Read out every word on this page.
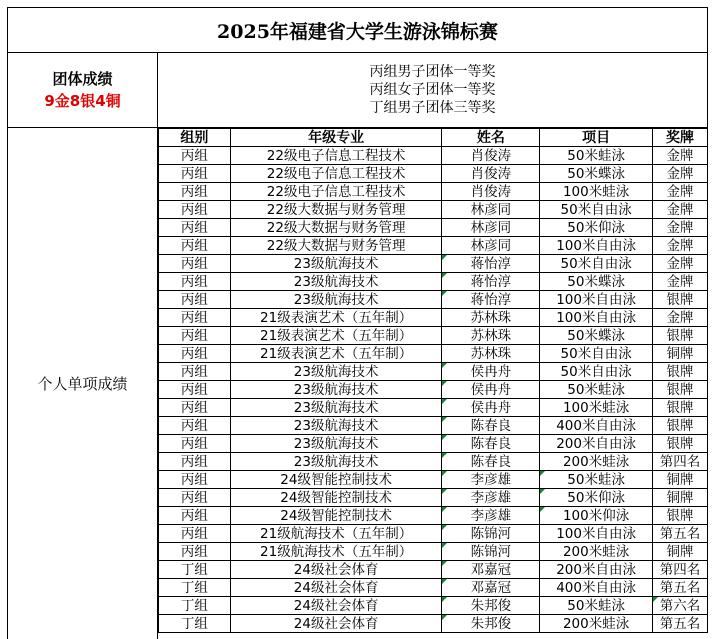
2025年福建省大学生游泳锦标赛
团体成绩
9金8银4铜
丙组男子团体一等奖
丙组女子团体一等奖
丁组男子团体三等奖
个人单项成绩
组别	年级专业	姓名	项目	奖牌
丙组	22级电子信息工程技术	肖俊涛	50米蛙泳	金牌
丙组	22级电子信息工程技术	肖俊涛	50米蝶泳	金牌
丙组	22级电子信息工程技术	肖俊涛	100米蛙泳	金牌
丙组	22级大数据与财务管理	林彦同	50米自由泳	金牌
丙组	22级大数据与财务管理	林彦同	50米仰泳	金牌
丙组	22级大数据与财务管理	林彦同	100米自由泳	金牌
丙组	23级航海技术	蒋怡淳	50米自由泳	金牌
丙组	23级航海技术	蒋怡淳	50米蝶泳	金牌
丙组	23级航海技术	蒋怡淳	100米自由泳	银牌
丙组	21级表演艺术（五年制）	苏林珠	100米自由泳	金牌
丙组	21级表演艺术（五年制）	苏林珠	50米蝶泳	银牌
丙组	21级表演艺术（五年制）	苏林珠	50米自由泳	铜牌
丙组	23级航海技术	侯冉舟	50米自由泳	银牌
丙组	23级航海技术	侯冉舟	50米蛙泳	银牌
丙组	23级航海技术	侯冉舟	100米蛙泳	银牌
丙组	23级航海技术	陈春良	400米自由泳	银牌
丙组	23级航海技术	陈春良	200米自由泳	银牌
丙组	23级航海技术	陈春良	200米蛙泳	第四名
丙组	24级智能控制技术	李彦雄	50米蛙泳	铜牌
丙组	24级智能控制技术	李彦雄	50米仰泳	铜牌
丙组	24级智能控制技术	李彦雄	100米仰泳	银牌
丙组	21级航海技术（五年制）	陈锦河	100米自由泳	第五名
丙组	21级航海技术（五年制）	陈锦河	200米蛙泳	铜牌
丁组	24级社会体育	邓嘉冠	200米自由泳	第四名
丁组	24级社会体育	邓嘉冠	400米自由泳	第五名
丁组	24级社会体育	朱邦俊	50米蛙泳	第六名

丁组	24级社会体育	朱邦俊	200米蛙泳	第五名
